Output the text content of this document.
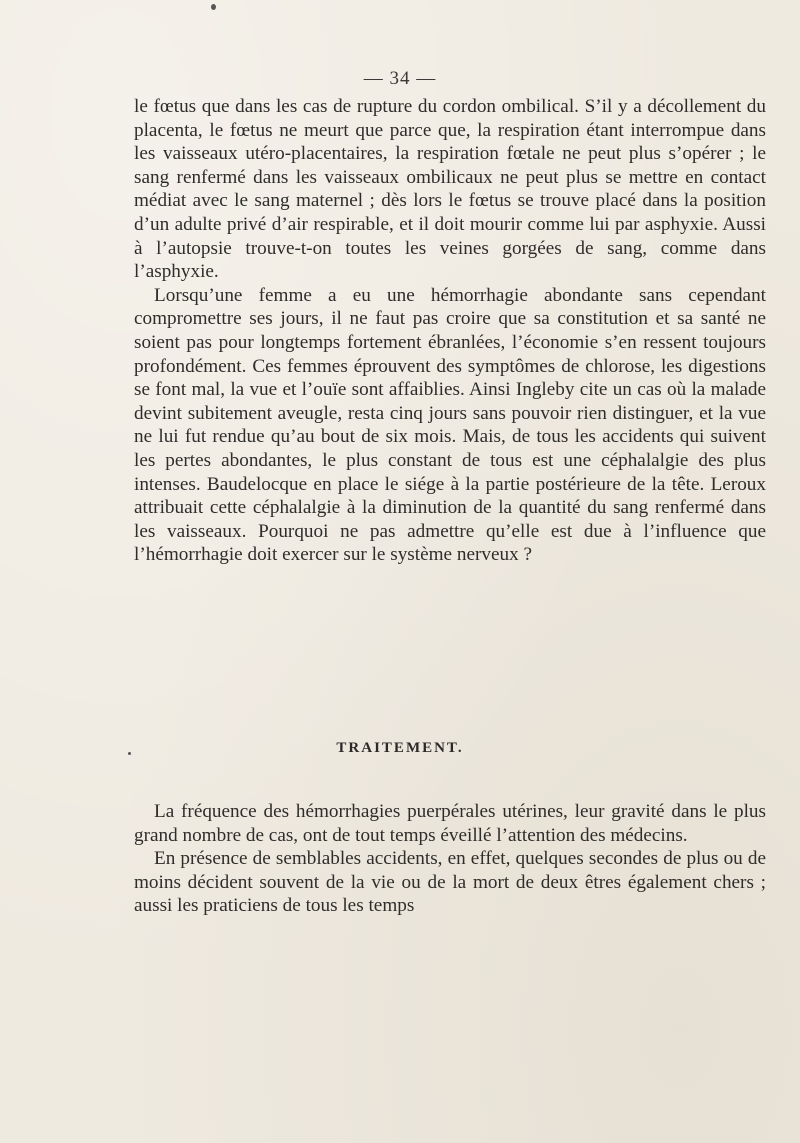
— 34 —

le fœtus que dans les cas de rupture du cordon ombilical. S’il y a décollement du placenta, le fœtus ne meurt que parce que, la respiration étant interrompue dans les vaisseaux utéro-placentaires, la respiration fœtale ne peut plus s’opérer ; le sang renfermé dans les vaisseaux ombilicaux ne peut plus se mettre en contact médiat avec le sang maternel ; dès lors le fœtus se trouve placé dans la position d’un adulte privé d’air respirable, et il doit mourir comme lui par asphyxie. Aussi à l’autopsie trouve-t-on toutes les veines gorgées de sang, comme dans l’asphyxie.

Lorsqu’une femme a eu une hémorrhagie abondante sans cependant compromettre ses jours, il ne faut pas croire que sa constitution et sa santé ne soient pas pour longtemps fortement ébranlées, l’économie s’en ressent toujours profondément. Ces femmes éprouvent des symptômes de chlorose, les digestions se font mal, la vue et l’ouïe sont affaiblies. Ainsi Ingleby cite un cas où la malade devint subitement aveugle, resta cinq jours sans pouvoir rien distinguer, et la vue ne lui fut rendue qu’au bout de six mois. Mais, de tous les accidents qui suivent les pertes abondantes, le plus constant de tous est une céphalalgie des plus intenses. Baudelocque en place le siége à la partie postérieure de la tête. Leroux attribuait cette céphalalgie à la diminution de la quantité du sang renfermé dans les vaisseaux. Pourquoi ne pas admettre qu’elle est due à l’influence que l’hémorrhagie doit exercer sur le système nerveux ?

TRAITEMENT.

La fréquence des hémorrhagies puerpérales utérines, leur gravité dans le plus grand nombre de cas, ont de tout temps éveillé l’attention des médecins.

En présence de semblables accidents, en effet, quelques secondes de plus ou de moins décident souvent de la vie ou de la mort de deux êtres également chers ; aussi les praticiens de tous les temps
